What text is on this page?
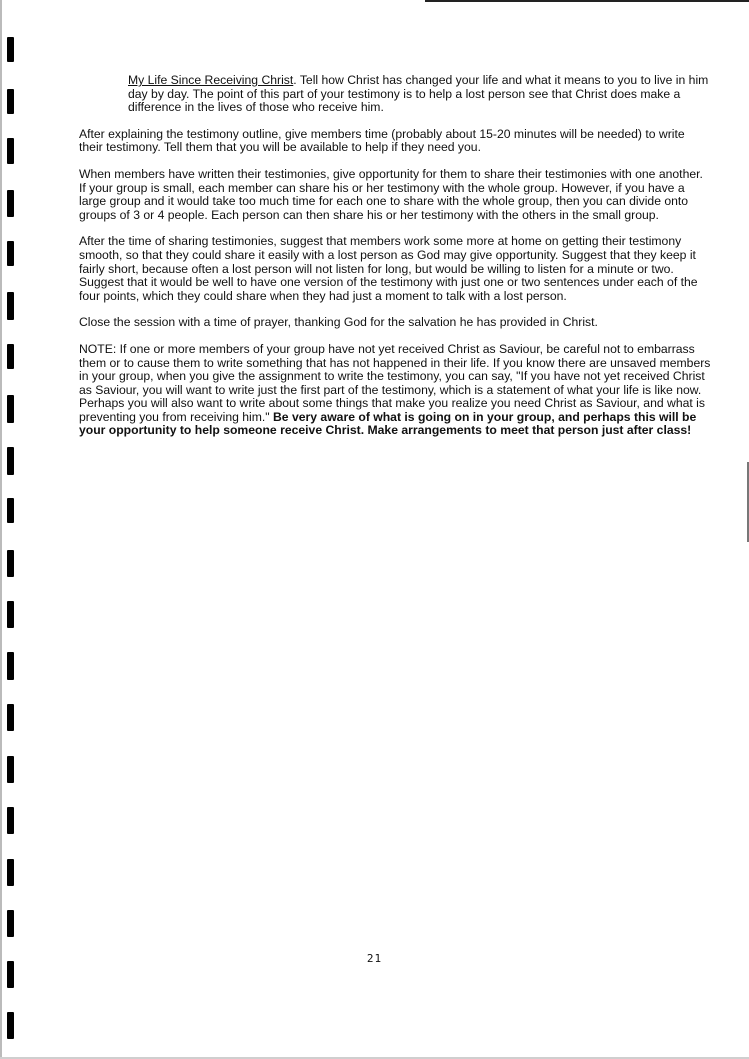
My Life Since Receiving Christ. Tell how Christ has changed your life and what it means to you to live in him day by day. The point of this part of your testimony is to help a lost person see that Christ does make a difference in the lives of those who receive him.

After explaining the testimony outline, give members time (probably about 15-20 minutes will be needed) to write their testimony. Tell them that you will be available to help if they need you.

When members have written their testimonies, give opportunity for them to share their testimonies with one another. If your group is small, each member can share his or her testimony with the whole group. However, if you have a large group and it would take too much time for each one to share with the whole group, then you can divide onto groups of 3 or 4 people. Each person can then share his or her testimony with the others in the small group.

After the time of sharing testimonies, suggest that members work some more at home on getting their testimony smooth, so that they could share it easily with a lost person as God may give opportunity. Suggest that they keep it fairly short, because often a lost person will not listen for long, but would be willing to listen for a minute or two. Suggest that it would be well to have one version of the testimony with just one or two sentences under each of the four points, which they could share when they had just a moment to talk with a lost person.

Close the session with a time of prayer, thanking God for the salvation he has provided in Christ.

NOTE: If one or more members of your group have not yet received Christ as Saviour, be careful not to embarrass them or to cause them to write something that has not happened in their life. If you know there are unsaved members in your group, when you give the assignment to write the testimony, you can say, "If you have not yet received Christ as Saviour, you will want to write just the first part of the testimony, which is a statement of what your life is like now. Perhaps you will also want to write about some things that make you realize you need Christ as Saviour, and what is preventing you from receiving him." Be very aware of what is going on in your group, and perhaps this will be your opportunity to help someone receive Christ. Make arrangements to meet that person just after class!

21
